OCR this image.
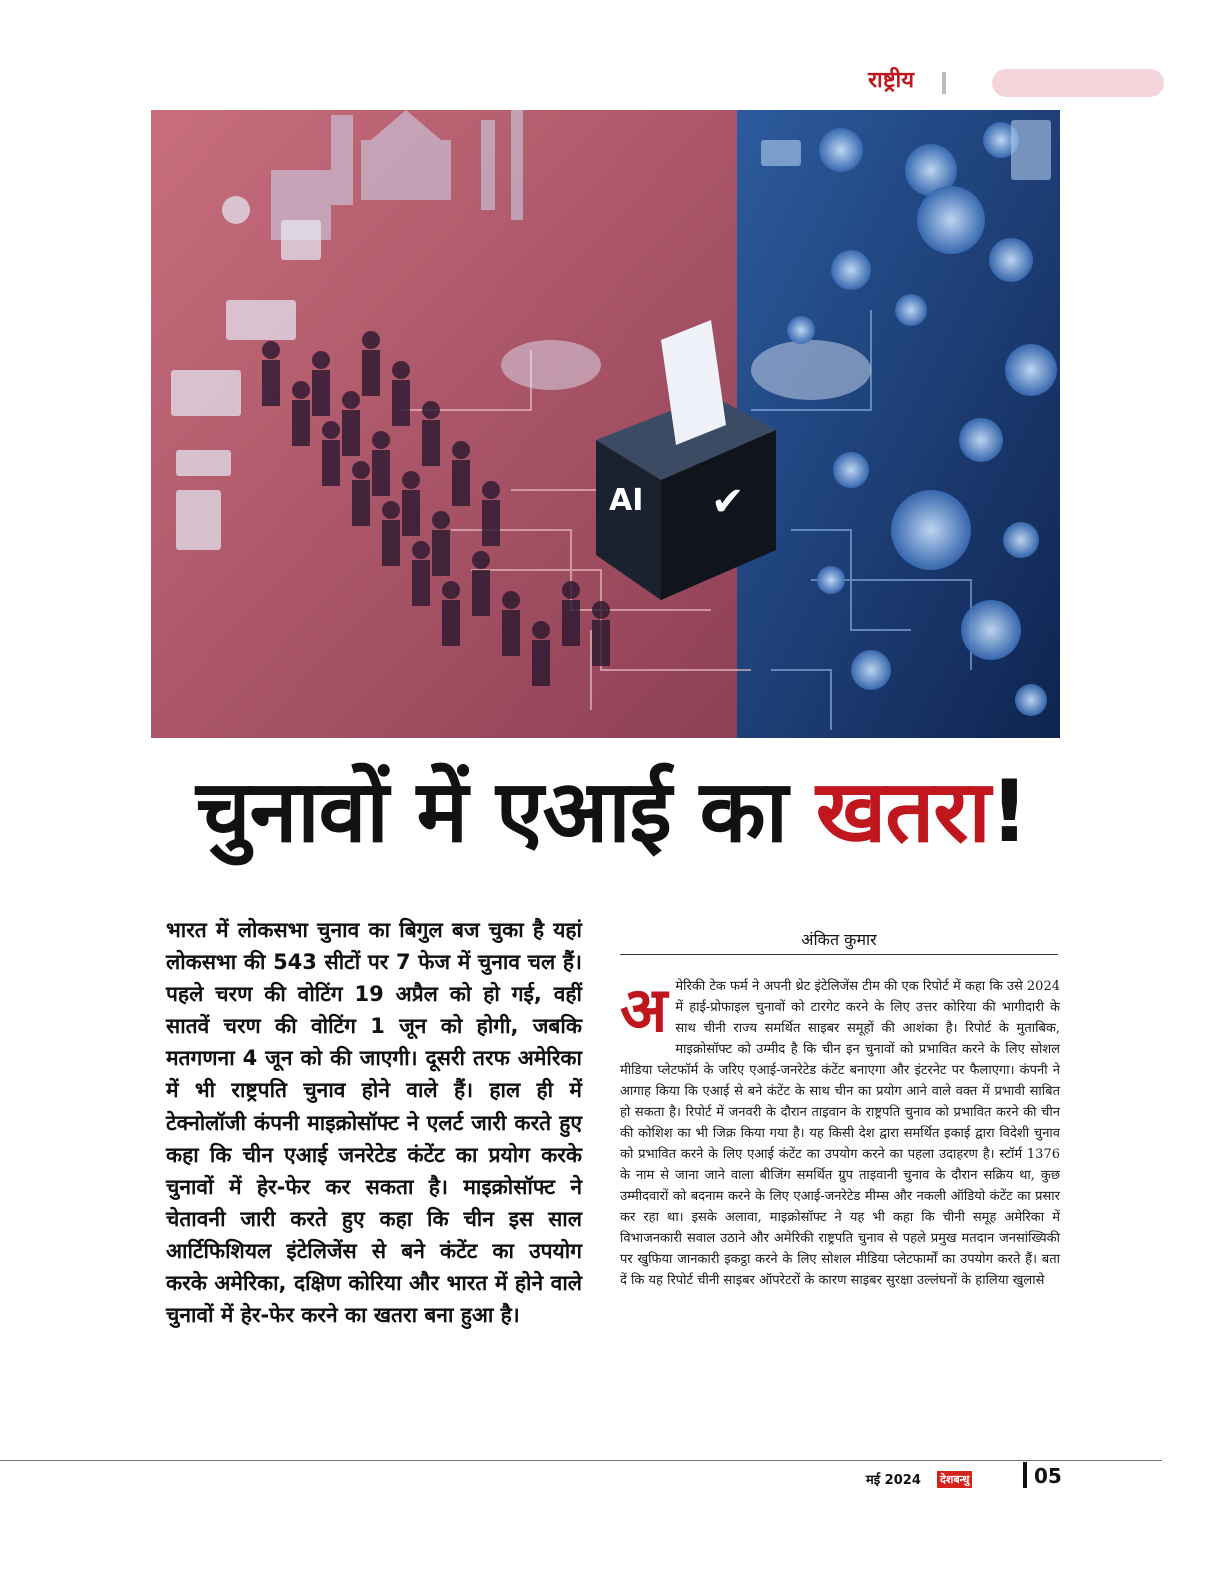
राष्ट्रीय
AI ✔
चुनावों में एआई का खतरा!

भारत में लोकसभा चुनाव का बिगुल बज चुका है यहां लोकसभा की 543 सीटों पर 7 फेज में चुनाव चल हैं। पहले चरण की वोटिंग 19 अप्रैल को हो गई, वहीं सातवें चरण की वोटिंग 1 जून को होगी, जबकि मतगणना 4 जून को की जाएगी। दूसरी तरफ अमेरिका में भी राष्ट्रपति चुनाव होने वाले हैं। हाल ही में टेक्नोलॉजी कंपनी माइक्रोसॉफ्ट ने एलर्ट जारी करते हुए कहा कि चीन एआई जनरेटेड कंटेंट का प्रयोग करके चुनावों में हेर-फेर कर सकता है। माइक्रोसॉफ्ट ने चेतावनी जारी करते हुए कहा कि चीन इस साल आर्टिफिशियल इंटेलिजेंस से बने कंटेंट का उपयोग करके अमेरिका, दक्षिण कोरिया और भारत में होने वाले चुनावों में हेर-फेर करने का खतरा बना हुआ है।

अंकित कुमार

अमेरिकी टेक फर्म ने अपनी थ्रेट इंटेलिजेंस टीम की एक रिपोर्ट में कहा कि उसे 2024 में हाई-प्रोफाइल चुनावों को टारगेट करने के लिए उत्तर कोरिया की भागीदारी के साथ चीनी राज्य समर्थित साइबर समूहों की आशंका है। रिपोर्ट के मुताबिक, माइक्रोसॉफ्ट को उम्मीद है कि चीन इन चुनावों को प्रभावित करने के लिए सोशल मीडिया प्लेटफॉर्म के जरिए एआई-जनरेटेड कंटेंट बनाएगा और इंटरनेट पर फैलाएगा। कंपनी ने आगाह किया कि एआई से बने कंटेंट के साथ चीन का प्रयोग आने वाले वक्त में प्रभावी साबित हो सकता है। रिपोर्ट में जनवरी के दौरान ताइवान के राष्ट्रपति चुनाव को प्रभावित करने की चीन की कोशिश का भी जिक्र किया गया है। यह किसी देश द्वारा समर्थित इकाई द्वारा विदेशी चुनाव को प्रभावित करने के लिए एआई कंटेंट का उपयोग करने का पहला उदाहरण है। स्टॉर्म 1376 के नाम से जाना जाने वाला बीजिंग समर्थित ग्रुप ताइवानी चुनाव के दौरान सक्रिय था, कुछ उम्मीदवारों को बदनाम करने के लिए एआई-जनरेटेड मीम्स और नकली ऑडियो कंटेंट का प्रसार कर रहा था। इसके अलावा, माइक्रोसॉफ्ट ने यह भी कहा कि चीनी समूह अमेरिका में विभाजनकारी सवाल उठाने और अमेरिकी राष्ट्रपति चुनाव से पहले प्रमुख मतदान जनसांख्यिकी पर खुफिया जानकारी इकट्ठा करने के लिए सोशल मीडिया प्लेटफार्मों का उपयोग करते हैं। बता दें कि यह रिपोर्ट चीनी साइबर ऑपरेटरों के कारण साइबर सुरक्षा उल्लंघनों के हालिया खुलासे

मई 2024 देशबन्धु	05
